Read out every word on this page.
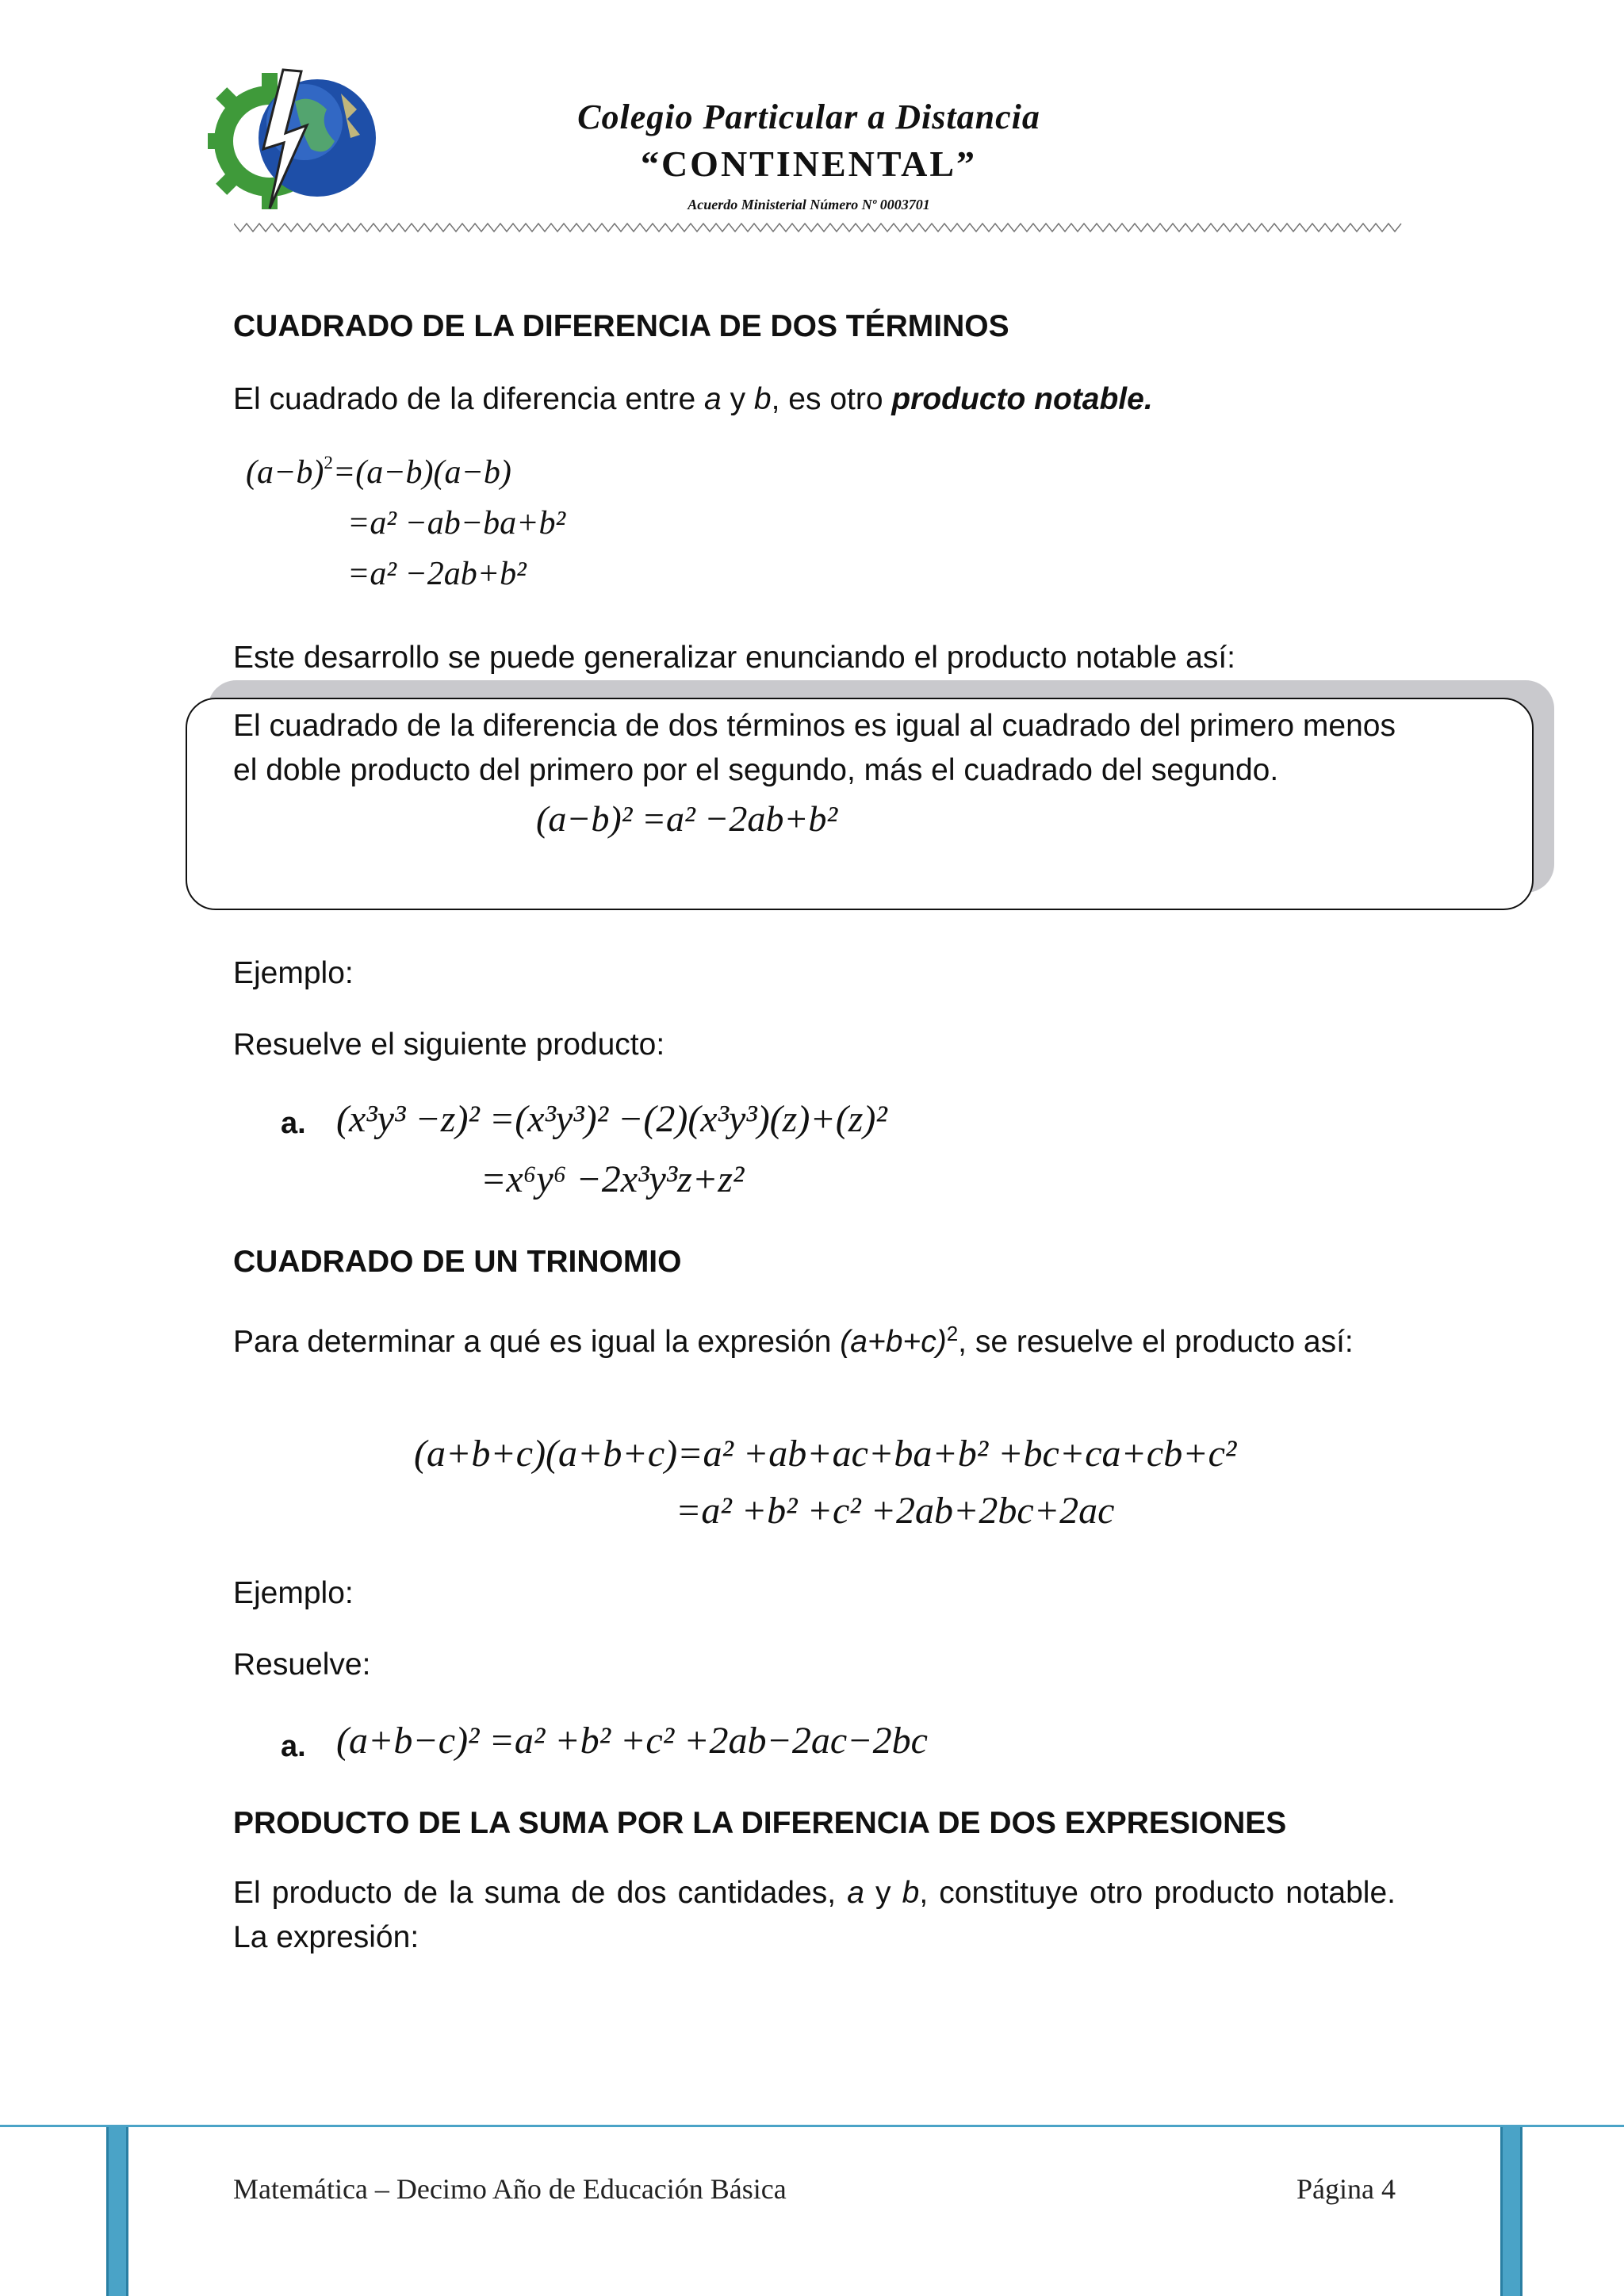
Colegio Particular a Distancia
“CONTINENTAL”
Acuerdo Ministerial Número Nº 0003701
CUADRADO DE LA DIFERENCIA DE DOS TÉRMINOS
El cuadrado de la diferencia entre a y b, es otro producto notable.
$(a-b)^2=(a-b)(a-b)$
=a² −ab−ba+b²
=a² −2ab+b²
Este desarrollo se puede generalizar enunciando el producto notable así:
El cuadrado de la diferencia de dos términos es igual al cuadrado del primero menos el doble producto del primero por el segundo, más el cuadrado del segundo.
(a−b)² =a² −2ab+b²
Ejemplo:
Resuelve el siguiente producto:
a. (x³y³ −z)² =(x³y³)² −(2)(x³y³)(z)+(z)²
=x⁶y⁶ −2x³y³z+z²
CUADRADO DE UN TRINOMIO
Para determinar a qué es igual la expresión $(a+b+c)^2$, se resuelve el producto así:
(a+b+c)(a+b+c)=a² +ab+ac+ba+b² +bc+ca+cb+c²
=a² +b² +c² +2ab+2bc+2ac
Ejemplo:
Resuelve:
a. (a+b−c)² =a² +b² +c² +2ab−2ac−2bc
PRODUCTO DE LA SUMA POR LA DIFERENCIA DE DOS EXPRESIONES
El producto de la suma de dos cantidades, a y b, constituye otro producto notable. La expresión:
Matemática – Decimo Año de Educación Básica	Página 4
